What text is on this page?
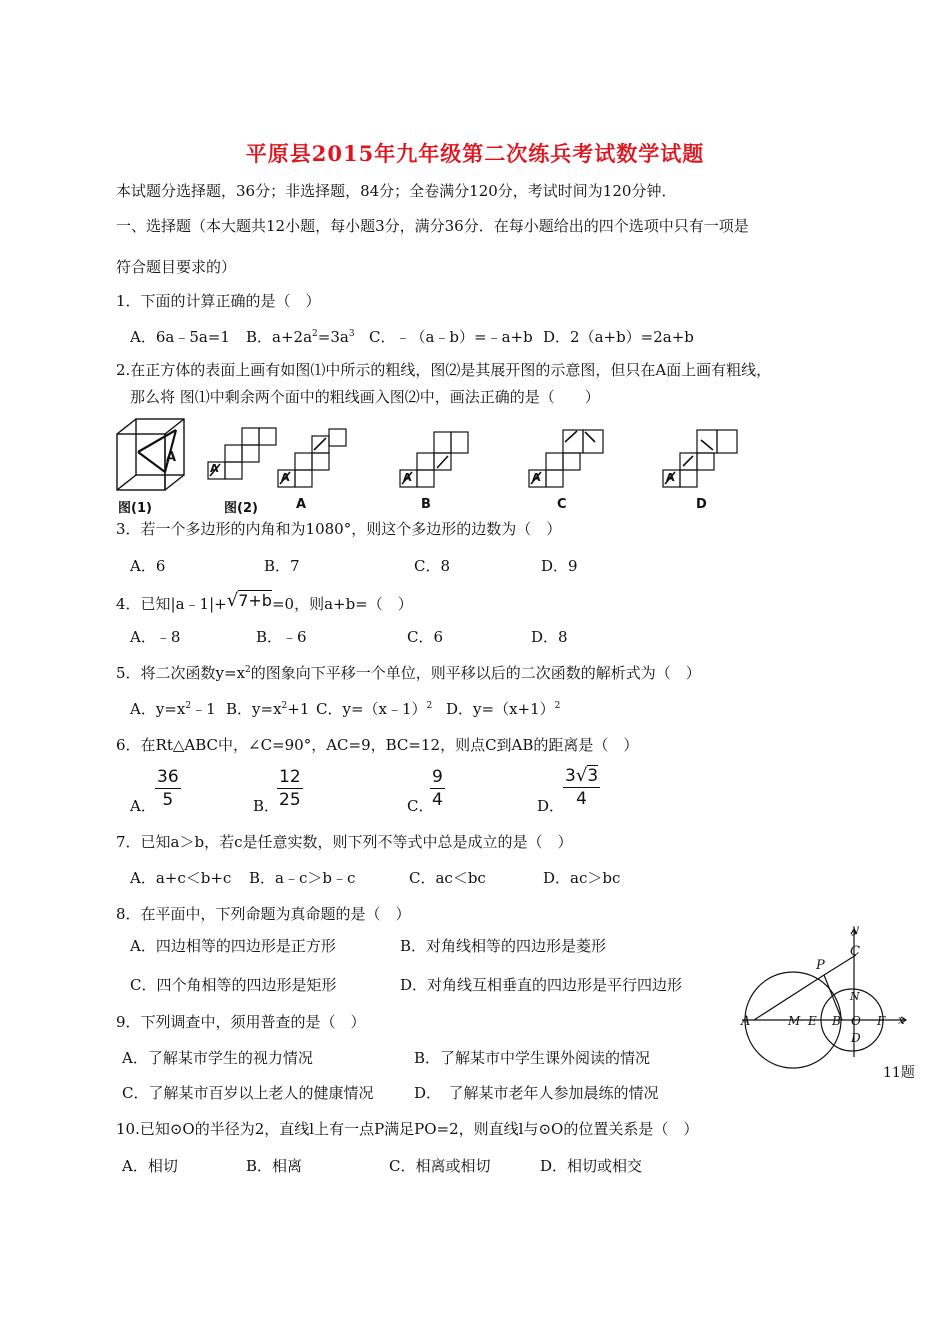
平原县2015年九年级第二次练兵考试数学试题
本试题分选择题，36分；非选择题，84分；全卷满分120分，考试时间为120分钟．
一、选择题（本大题共12小题，每小题3分，满分36分．在每小题给出的四个选项中只有一项是
符合题目要求的）
1．下面的计算正确的是（　）
A．6a﹣5a=1 B．$a+2a^2=3a^3$ C．﹣（a﹣b）=﹣a+b D．2（a+b）=2a+b
2.在正方体的表面上画有如图⑴中所示的粗线，图⑵是其展开图的示意图，但只在A面上画有粗线，
那么将 图⑴中剩余两个面中的粗线画入图⑵中，画法正确的是（　　）
A
图(1)
A
图(2)
A
A
A
B
A
C
A
D
3．若一个多边形的内角和为1080°，则这个多边形的边数为（　）
A．6	B．7	C．8	D．9
4．已知|a﹣1|+√7+b=0，则a+b=（　）
A．﹣8	B．﹣6	C．6	D．8
5．将二次函数$y=x^2$的图象向下平移一个单位，则平移以后的二次函数的解析式为（　）
A．$y=x^2﹣1$ B．$y=x^2+1$ C．y=（x﹣1）$^2$ D．$y=(x+1)^2$
6．在Rt△ABC中，∠C=90°，AC=9，BC=12，则点C到AB的距离是（　）
A．
36
5	B．
12
25	C．
9
4	D．
3√3
4
7．已知a＞b，若c是任意实数，则下列不等式中总是成立的是（　）
A．a+c＜b+c B．a﹣c＞b﹣c	C．ac＜bc	D．ac＞bc
8．在平面中，下列命题为真命题的是（　）
A．四边相等的四边形是正方形	B．对角线相等的四边形是菱形
C．四个角相等的四边形是矩形	D．对角线互相垂直的四边形是平行四边形
9．下列调查中，须用普查的是（　）
A．了解某市学生的视力情况	B．了解某市中学生课外阅读的情况
C．了解某市百岁以上老人的健康情况	D．　了解某市老年人参加晨练的情况
10.已知⊙O的半径为2，直线l上有一点P满足PO=2，则直线l与⊙O的位置关系是（　）
A．相切	B．相离	C．相离或相切	D．相切或相交
y
x
C
P
N
A	M E B O F
D
11题
